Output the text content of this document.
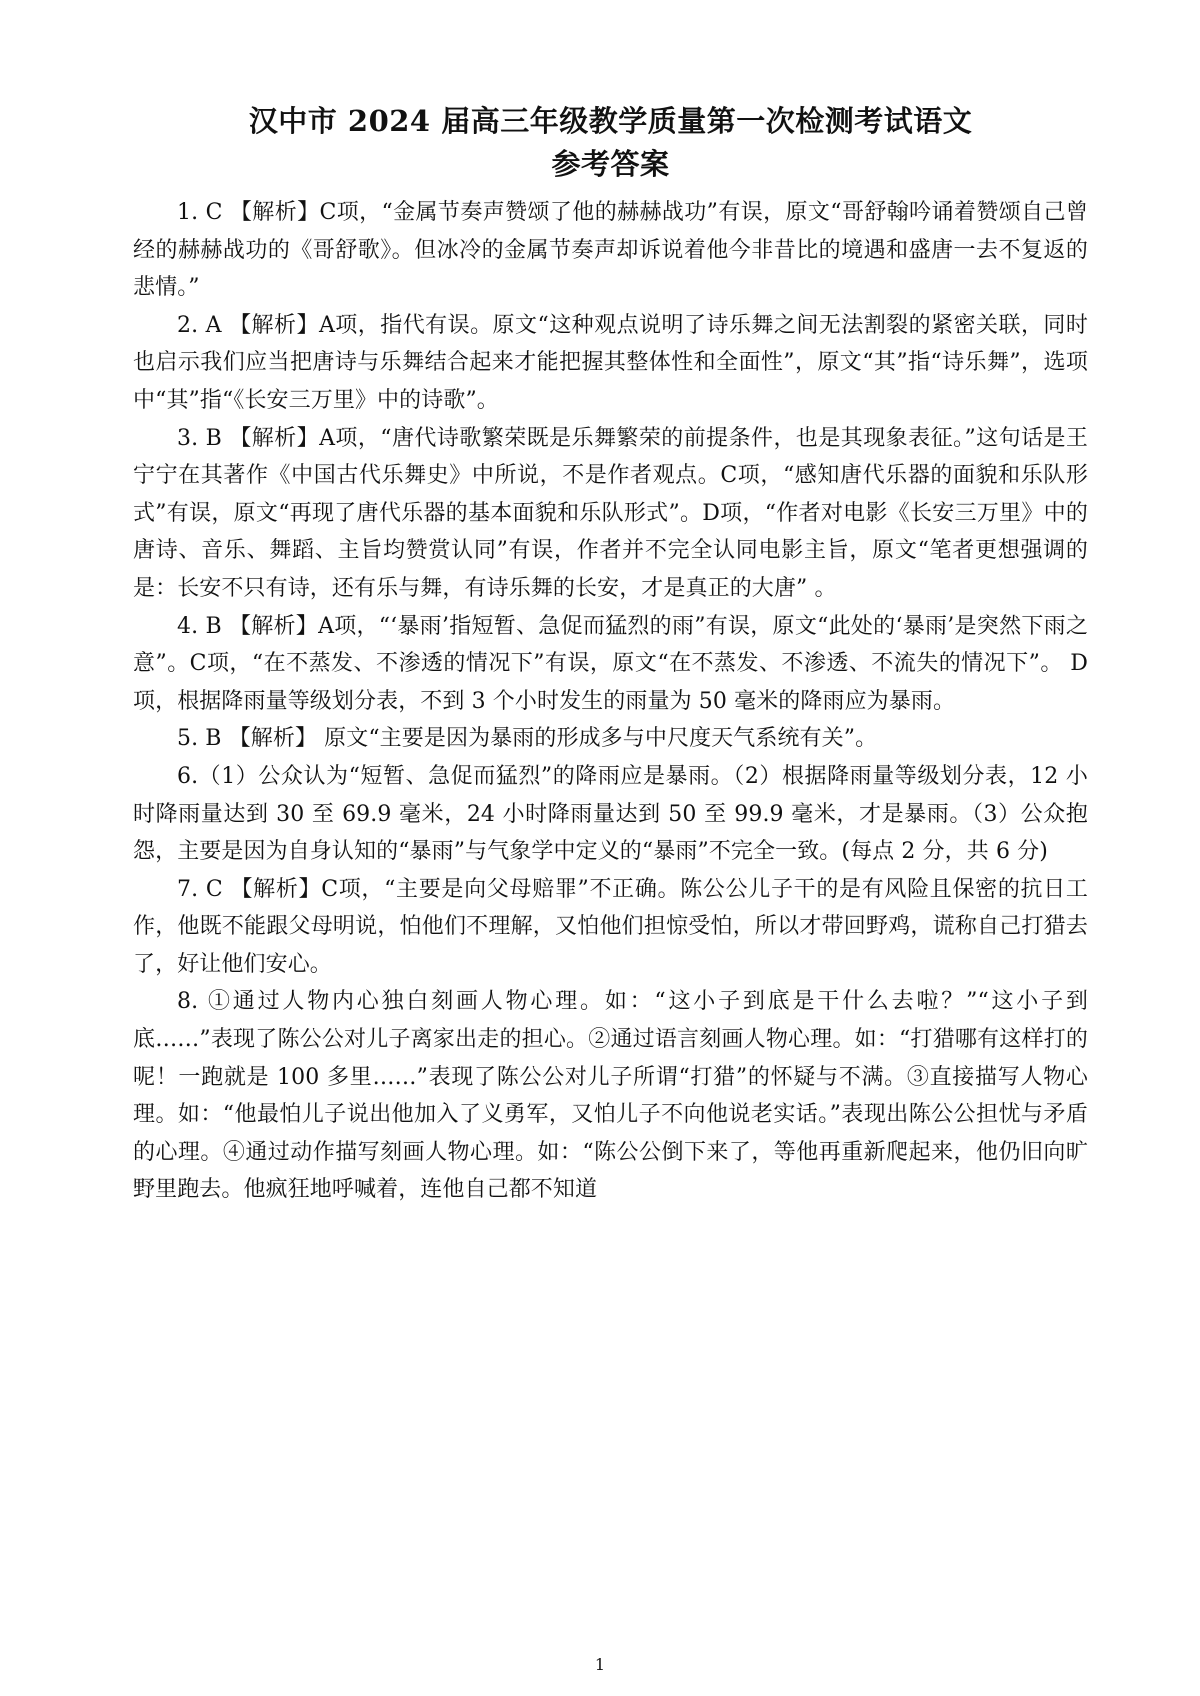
汉中市 2024 届高三年级教学质量第一次检测考试语文
参考答案

1. C 【解析】C项，“金属节奏声赞颂了他的赫赫战功”有误，原文“哥舒翰吟诵着赞颂自己曾经的赫赫战功的《哥舒歌》。但冰冷的金属节奏声却诉说着他今非昔比的境遇和盛唐一去不复返的悲情。”

2. A 【解析】A项，指代有误。原文“这种观点说明了诗乐舞之间无法割裂的紧密关联，同时也启示我们应当把唐诗与乐舞结合起来才能把握其整体性和全面性”，原文“其”指“诗乐舞”，选项中“其”指“《长安三万里》中的诗歌”。

3. B 【解析】A项，“唐代诗歌繁荣既是乐舞繁荣的前提条件，也是其现象表征。”这句话是王宁宁在其著作《中国古代乐舞史》中所说，不是作者观点。C项，“感知唐代乐器的面貌和乐队形式”有误，原文“再现了唐代乐器的基本面貌和乐队形式”。D项，“作者对电影《长安三万里》中的唐诗、音乐、舞蹈、主旨均赞赏认同”有误，作者并不完全认同电影主旨，原文“笔者更想强调的是：长安不只有诗，还有乐与舞，有诗乐舞的长安，才是真正的大唐” 。

4. B 【解析】A项，“‘暴雨’指短暂、急促而猛烈的雨”有误，原文“此处的‘暴雨’是突然下雨之意”。C项，“在不蒸发、不渗透的情况下”有误，原文“在不蒸发、不渗透、不流失的情况下”。 D项，根据降雨量等级划分表，不到 3 个小时发生的雨量为 50 毫米的降雨应为暴雨。

5. B 【解析】 原文“主要是因为暴雨的形成多与中尺度天气系统有关”。

6.（1）公众认为“短暂、急促而猛烈”的降雨应是暴雨。（2）根据降雨量等级划分表，12 小时降雨量达到 30 至 69.9 毫米，24 小时降雨量达到 50 至 99.9 毫米，才是暴雨。（3）公众抱怨，主要是因为自身认知的“暴雨”与气象学中定义的“暴雨”不完全一致。(每点 2 分，共 6 分)

7. C 【解析】C项，“主要是向父母赔罪”不正确。陈公公儿子干的是有风险且保密的抗日工作，他既不能跟父母明说，怕他们不理解，又怕他们担惊受怕，所以才带回野鸡，谎称自己打猎去了，好让他们安心。

8. ①通过人物内心独白刻画人物心理。如：“这小子到底是干什么去啦？”“这小子到底……”表现了陈公公对儿子离家出走的担心。②通过语言刻画人物心理。如：“打猎哪有这样打的呢！一跑就是 100 多里……”表现了陈公公对儿子所谓“打猎”的怀疑与不满。③直接描写人物心理。如：“他最怕儿子说出他加入了义勇军，又怕儿子不向他说老实话。”表现出陈公公担忧与矛盾的心理。④通过动作描写刻画人物心理。如：“陈公公倒下来了，等他再重新爬起来，他仍旧向旷野里跑去。他疯狂地呼喊着，连他自己都不知道

1
